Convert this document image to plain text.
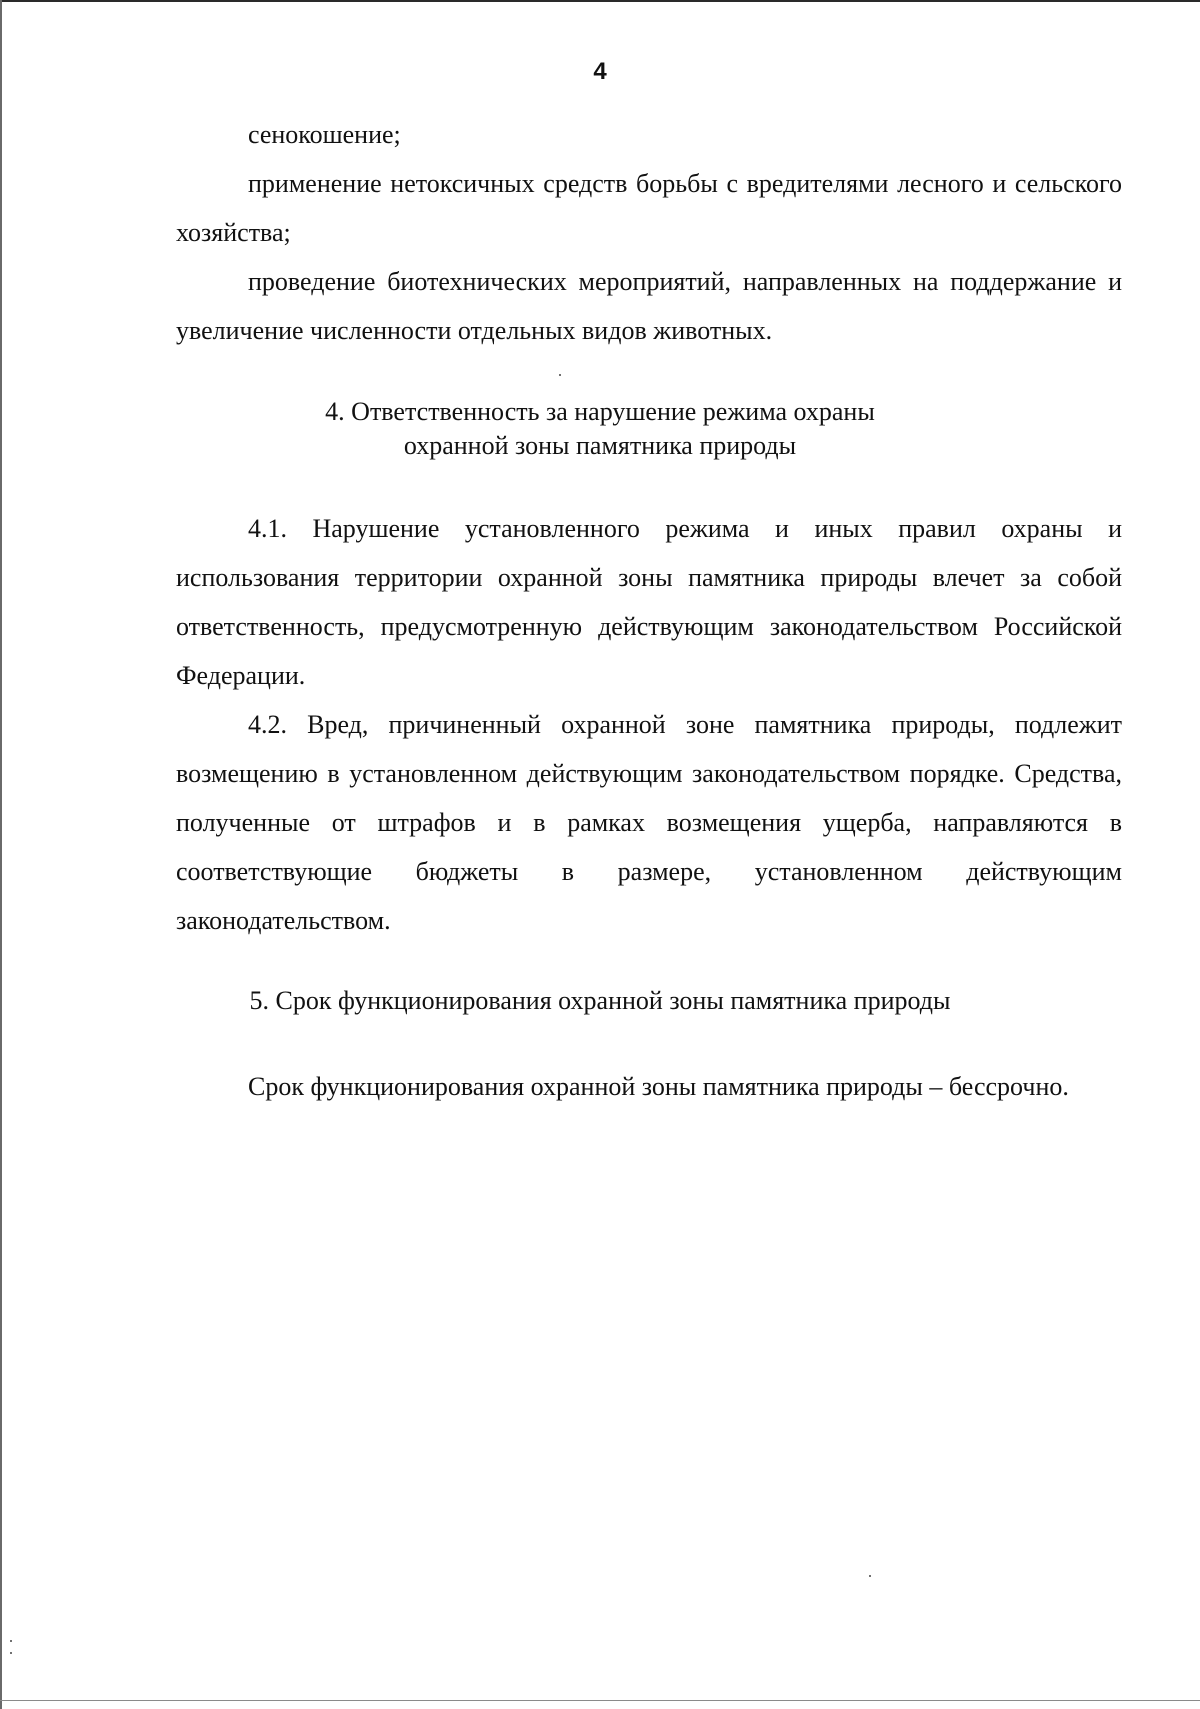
4

сенокошение;

применение нетоксичных средств борьбы с вредителями лесного и сельского хозяйства;

проведение биотехнических мероприятий, направленных на поддержание и увеличение численности отдельных видов животных.

4. Ответственность за нарушение режима охраны
охранной зоны памятника природы

4.1. Нарушение установленного режима и иных правил охраны и использования территории охранной зоны памятника природы влечет за собой ответственность, предусмотренную действующим законодательством Российской Федерации.

4.2. Вред, причиненный охранной зоне памятника природы, подлежит возмещению в установленном действующим законодательством порядке. Средства, полученные от штрафов и в рамках возмещения ущерба, направляются в соответствующие бюджеты в размере, установленном действующим законодательством.

5. Срок функционирования охранной зоны памятника природы

Срок функционирования охранной зоны памятника природы – бессрочно.
